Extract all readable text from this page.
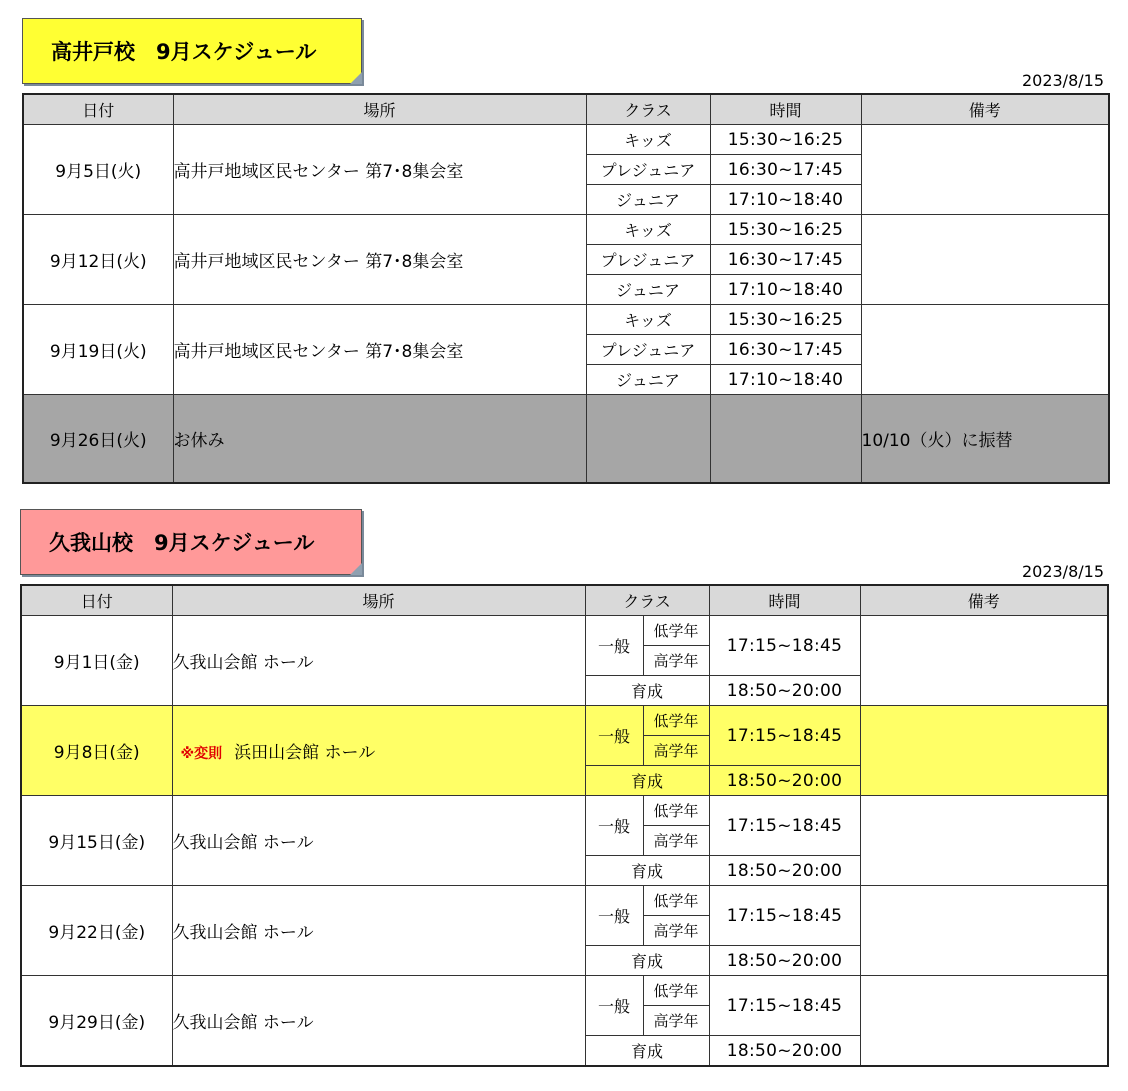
高井戸校　9月スケジュール
2023/8/15
日付	場所	クラス	時間	備考
9月5日(火)	高井戸地域区民センター 第7･8集会室	キッズ	15:30~16:25	
		プレジュニア	16:30~17:45	
		ジュニア	17:10~18:40	
9月12日(火)	高井戸地域区民センター 第7･8集会室	キッズ	15:30~16:25	
		プレジュニア	16:30~17:45	
		ジュニア	17:10~18:40	
9月19日(火)	高井戸地域区民センター 第7･8集会室	キッズ	15:30~16:25	
		プレジュニア	16:30~17:45	
		ジュニア	17:10~18:40	
9月26日(火)	お休み			10/10（火）に振替
久我山校　9月スケジュール
2023/8/15
日付	場所	クラス		時間	備考
9月1日(金)	久我山会館 ホール	一般	低学年	17:15~18:45	
			高学年		
		育成		18:50~20:00	
9月8日(金)	※変則 浜田山会館 ホール	一般	低学年	17:15~18:45	
			高学年		
		育成		18:50~20:00	
9月15日(金)	久我山会館 ホール	一般	低学年	17:15~18:45	
			高学年		
		育成		18:50~20:00	
9月22日(金)	久我山会館 ホール	一般	低学年	17:15~18:45	
			高学年		
		育成		18:50~20:00	
9月29日(金)	久我山会館 ホール	一般	低学年	17:15~18:45	
			高学年		
		育成		18:50~20:00	
